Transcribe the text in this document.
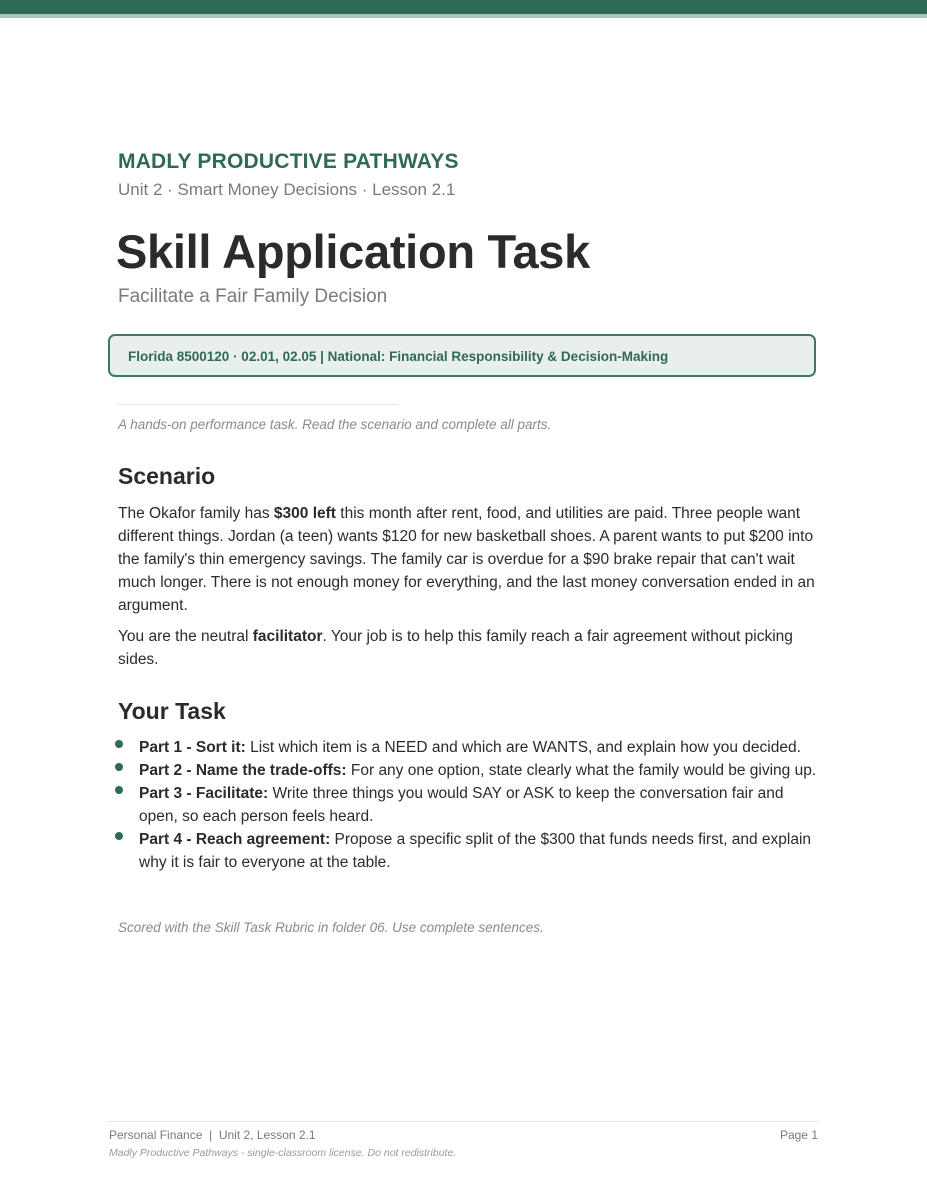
MADLY PRODUCTIVE PATHWAYS
Unit 2 · Smart Money Decisions · Lesson 2.1
Skill Application Task
Facilitate a Fair Family Decision
Florida 8500120 · 02.01, 02.05 | National: Financial Responsibility & Decision-Making
A hands-on performance task. Read the scenario and complete all parts.
Scenario

The Okafor family has $300 left this month after rent, food, and utilities are paid. Three people want different things. Jordan (a teen) wants $120 for new basketball shoes. A parent wants to put $200 into the family's thin emergency savings. The family car is overdue for a $90 brake repair that can't wait much longer. There is not enough money for everything, and the last money conversation ended in an argument.

You are the neutral facilitator. Your job is to help this family reach a fair agreement without picking sides.

Your Task
Part 1 - Sort it: List which item is a NEED and which are WANTS, and explain how you decided.
Part 2 - Name the trade-offs: For any one option, state clearly what the family would be giving up.
Part 3 - Facilitate: Write three things you would SAY or ASK to keep the conversation fair and open, so each person feels heard.
Part 4 - Reach agreement: Propose a specific split of the $300 that funds needs first, and explain why it is fair to everyone at the table.
Scored with the Skill Task Rubric in folder 06. Use complete sentences.
Personal Finance  |  Unit 2, Lesson 2.1	Page 1
Madly Productive Pathways - single-classroom license. Do not redistribute.
